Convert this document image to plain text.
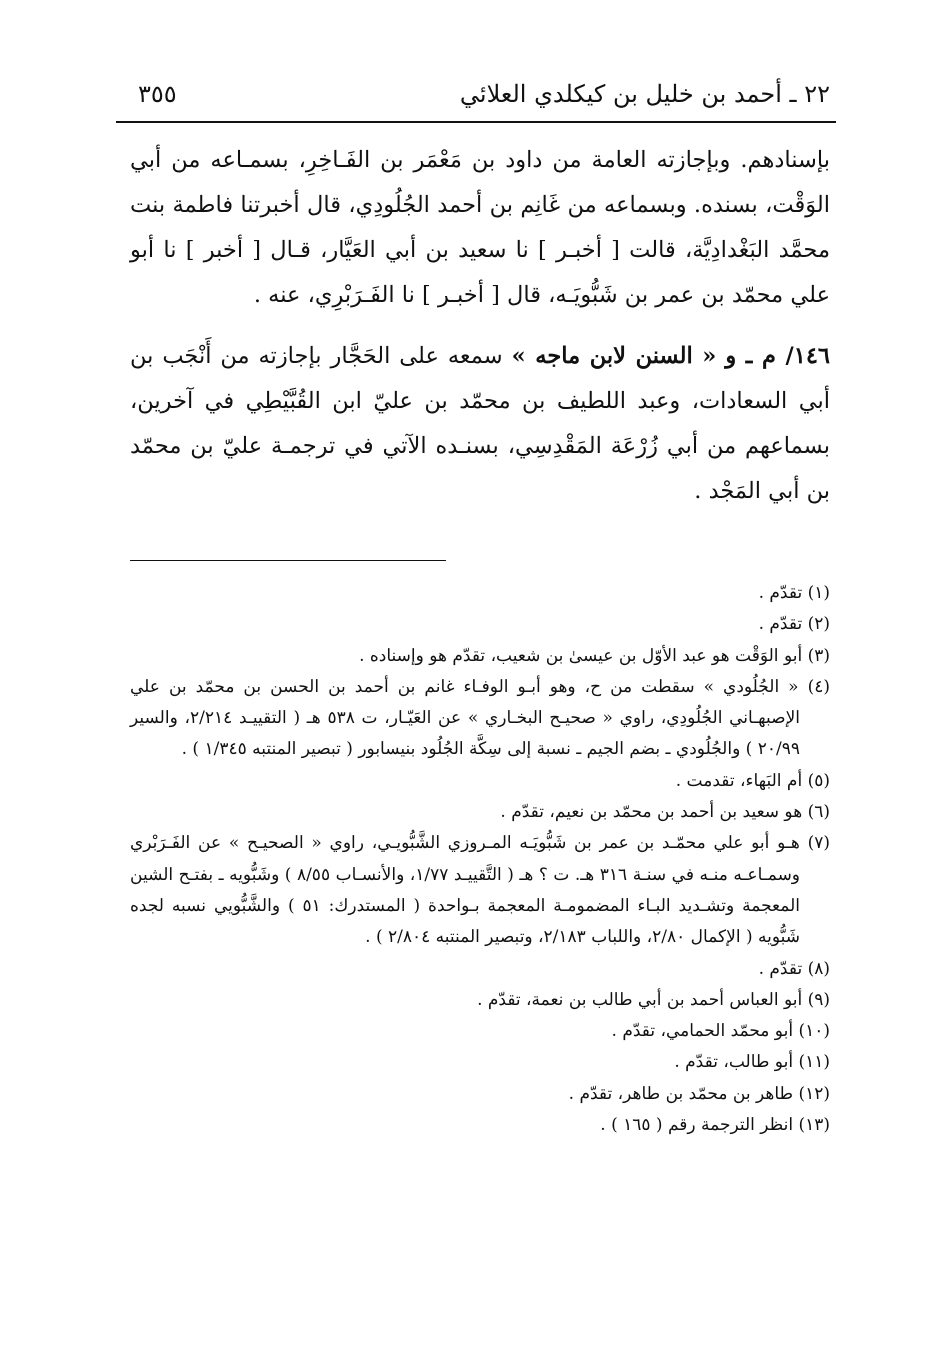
٢٢ ـ أحمد بن خليل بن كيكلدي العلائي
٣٥٥

بإسنادهم. وبإجازته العامة من داود بن مَعْمَر بن الفَـاخِرِ، بسمـاعه من أبي الوَقْت، بسنده. وبسماعه من غَانِم بن أحمد الجُلُودِي، قال أخبرتنا فاطمة بنت محمَّد البَغْدادِيَّة، قالت [ أخبـر ] نا سعيد بن أبي العَيَّار، قـال [ أخبر ] نا أبو علي محمّد بن عمر بن شَبُّويَـه، قال [ أخبـر ] نا الفَـرَبْرِي، عنه .

١٤٦/ م ـ و « السنن لابن ماجه » سمعه على الحَجَّار بإجازته من أَنْجَب بن أبي السعادات، وعبد اللطيف بن محمّد بن عليّ ابن القُبَّيْطِي في آخرين، بسماعهم من أبي زُرْعَة المَقْدِسِي، بسنـده الآتي في ترجمـة عليّ بن محمّد بن أبي المَجْد .

(١) تقدّم .

(٢) تقدّم .

(٣) أبو الوَقْت هو عبد الأوّل بن عيسىٰ بن شعيب، تقدّم هو وإسناده .

(٤) « الجُلُودي » سقطت من ح، وهو أبـو الوفـاء غانم بن أحمد بن الحسن بن محمّد بن علي الإصبهـاني الجُلُودِي، راوي « صحيـح البخـاري » عن العَيّـار، ت ٥٣٨ هـ ( التقييـد ٢/٢١٤، والسير ٢٠/٩٩ ) والجُلُودي ـ بضم الجيم ـ نسبة إلى سِكَّة الجُلُود بنيسابور ( تبصير المنتبه ١/٣٤٥ ) .

(٥) أم البَهاء، تقدمت .

(٦) هو سعيد بن أحمد بن محمّد بن نعيم، تقدّم .

(٧) هـو أبو علي محمّـد بن عمر بن شَبُّويَـه المـروزي الشَّبُّويـي، راوي « الصحيـح » عن الفَـرَبْري وسمـاعـه منـه في سنـة ٣١٦ هـ. ت ؟ هـ ( التَّقييـد ١/٧٧، والأنسـاب ٨/٥٥ ) وشَبُّويه ـ بفتـح الشين المعجمة وتشـديد البـاء المضمومـة المعجمة بـواحدة ( المستدرك: ٥١ ) والشَّبُّويي نسبه لجده شَبُّويه ( الإكمال ٢/٨٠، واللباب ٢/١٨٣، وتبصير المنتبه ٢/٨٠٤ ) .

(٨) تقدّم .

(٩) أبو العباس أحمد بن أبي طالب بن نعمة، تقدّم .

(١٠) أبو محمّد الحمامي، تقدّم .

(١١) أبو طالب، تقدّم .

(١٢) طاهر بن محمّد بن طاهر، تقدّم .

(١٣) انظر الترجمة رقم ( ١٦٥ ) .
